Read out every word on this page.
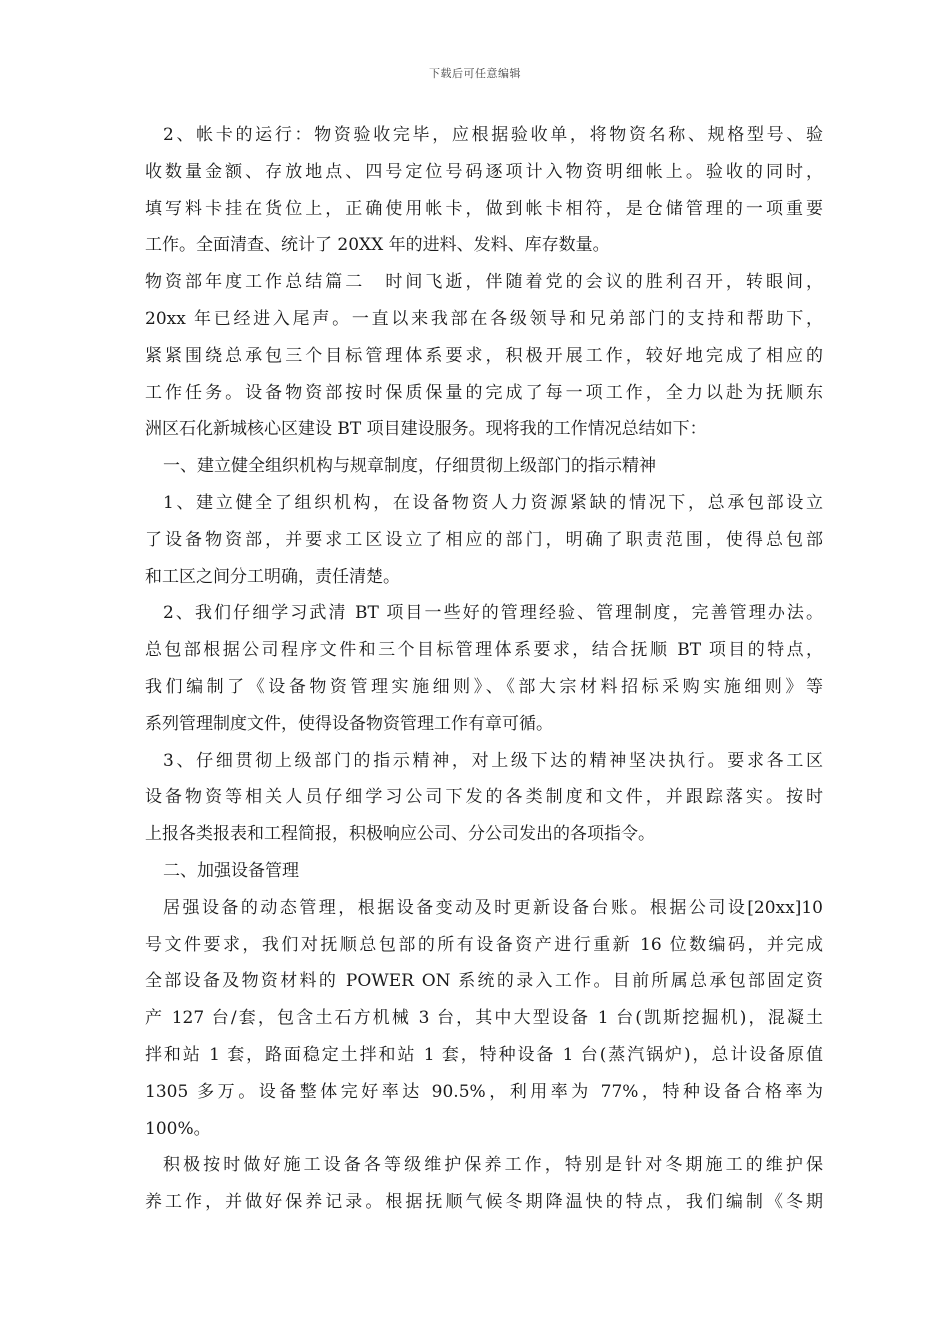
下载后可任意编辑
2、帐卡的运行：物资验收完毕，应根据验收单，将物资名称、规格型号、验
收数量金额、存放地点、四号定位号码逐项计入物资明细帐上。验收的同时，
填写料卡挂在货位上，正确使用帐卡，做到帐卡相符，是仓储管理的一项重要
工作。全面清查、统计了 20XX 年的进料、发料、库存数量。
物资部年度工作总结篇二　时间飞逝，伴随着党的会议的胜利召开，转眼间，
20xx 年已经进入尾声。一直以来我部在各级领导和兄弟部门的支持和帮助下，
紧紧围绕总承包三个目标管理体系要求，积极开展工作，较好地完成了相应的
工作任务。设备物资部按时保质保量的完成了每一项工作，全力以赴为抚顺东
洲区石化新城核心区建设 BT 项目建设服务。现将我的工作情况总结如下：
一、建立健全组织机构与规章制度，仔细贯彻上级部门的指示精神
1、建立健全了组织机构，在设备物资人力资源紧缺的情况下，总承包部设立
了设备物资部，并要求工区设立了相应的部门，明确了职责范围，使得总包部
和工区之间分工明确，责任清楚。
2、我们仔细学习武清 BT 项目一些好的管理经验、管理制度，完善管理办法。
总包部根据公司程序文件和三个目标管理体系要求，结合抚顺 BT 项目的特点，
我们编制了《设备物资管理实施细则》、《部大宗材料招标采购实施细则》等
系列管理制度文件，使得设备物资管理工作有章可循。
3、仔细贯彻上级部门的指示精神，对上级下达的精神坚决执行。要求各工区
设备物资等相关人员仔细学习公司下发的各类制度和文件，并跟踪落实。按时
上报各类报表和工程简报，积极响应公司、分公司发出的各项指令。
二、加强设备管理
居强设备的动态管理，根据设备变动及时更新设备台账。根据公司设[20xx]10
号文件要求，我们对抚顺总包部的所有设备资产进行重新 16 位数编码，并完成
全部设备及物资材料的 POWER ON 系统的录入工作。目前所属总承包部固定资
产 127 台/套，包含土石方机械 3 台，其中大型设备 1 台(凯斯挖掘机)，混凝土
拌和站 1 套，路面稳定土拌和站 1 套，特种设备 1 台(蒸汽锅炉)，总计设备原值
1305 多万。设备整体完好率达 90.5%，利用率为 77%，特种设备合格率为
100%。
积极按时做好施工设备各等级维护保养工作，特别是针对冬期施工的维护保
养工作，并做好保养记录。根据抚顺气候冬期降温快的特点，我们编制《冬期
